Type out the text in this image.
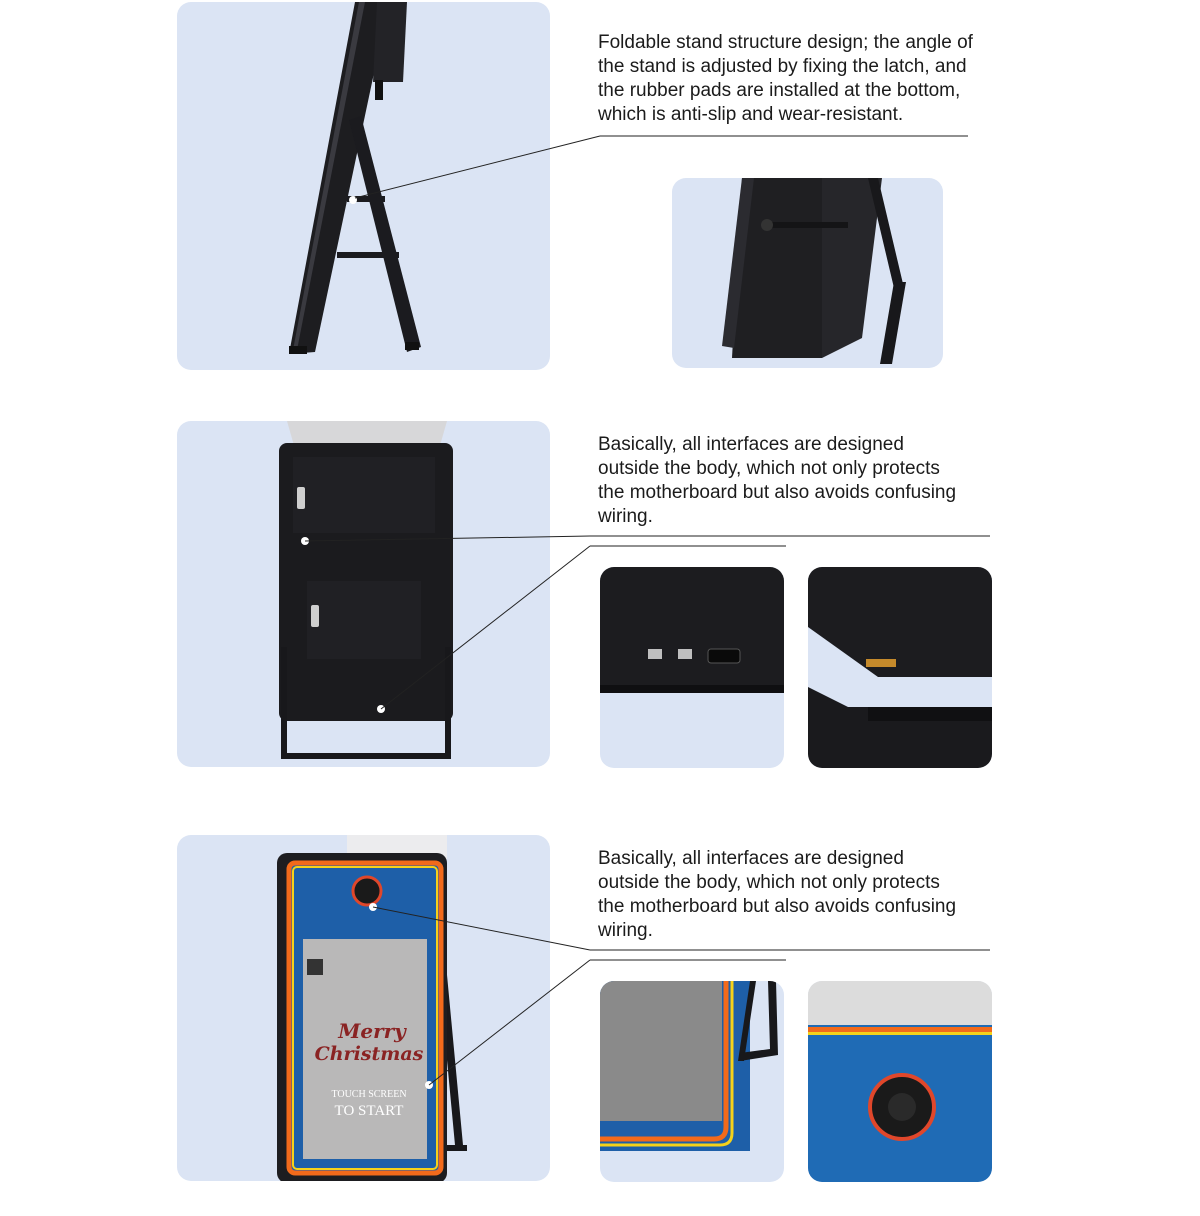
Foldable stand structure design; the angle of
the stand is adjusted by fixing the latch, and
the rubber pads are installed at the bottom,
which is anti-slip and wear-resistant.

Basically, all interfaces are designed
outside the body, which not only protects
the motherboard but also avoids confusing
wiring.

Merry
Christmas
TOUCH SCREEN
TO START

Basically, all interfaces are designed
outside the body, which not only protects
the motherboard but also avoids confusing
wiring.
